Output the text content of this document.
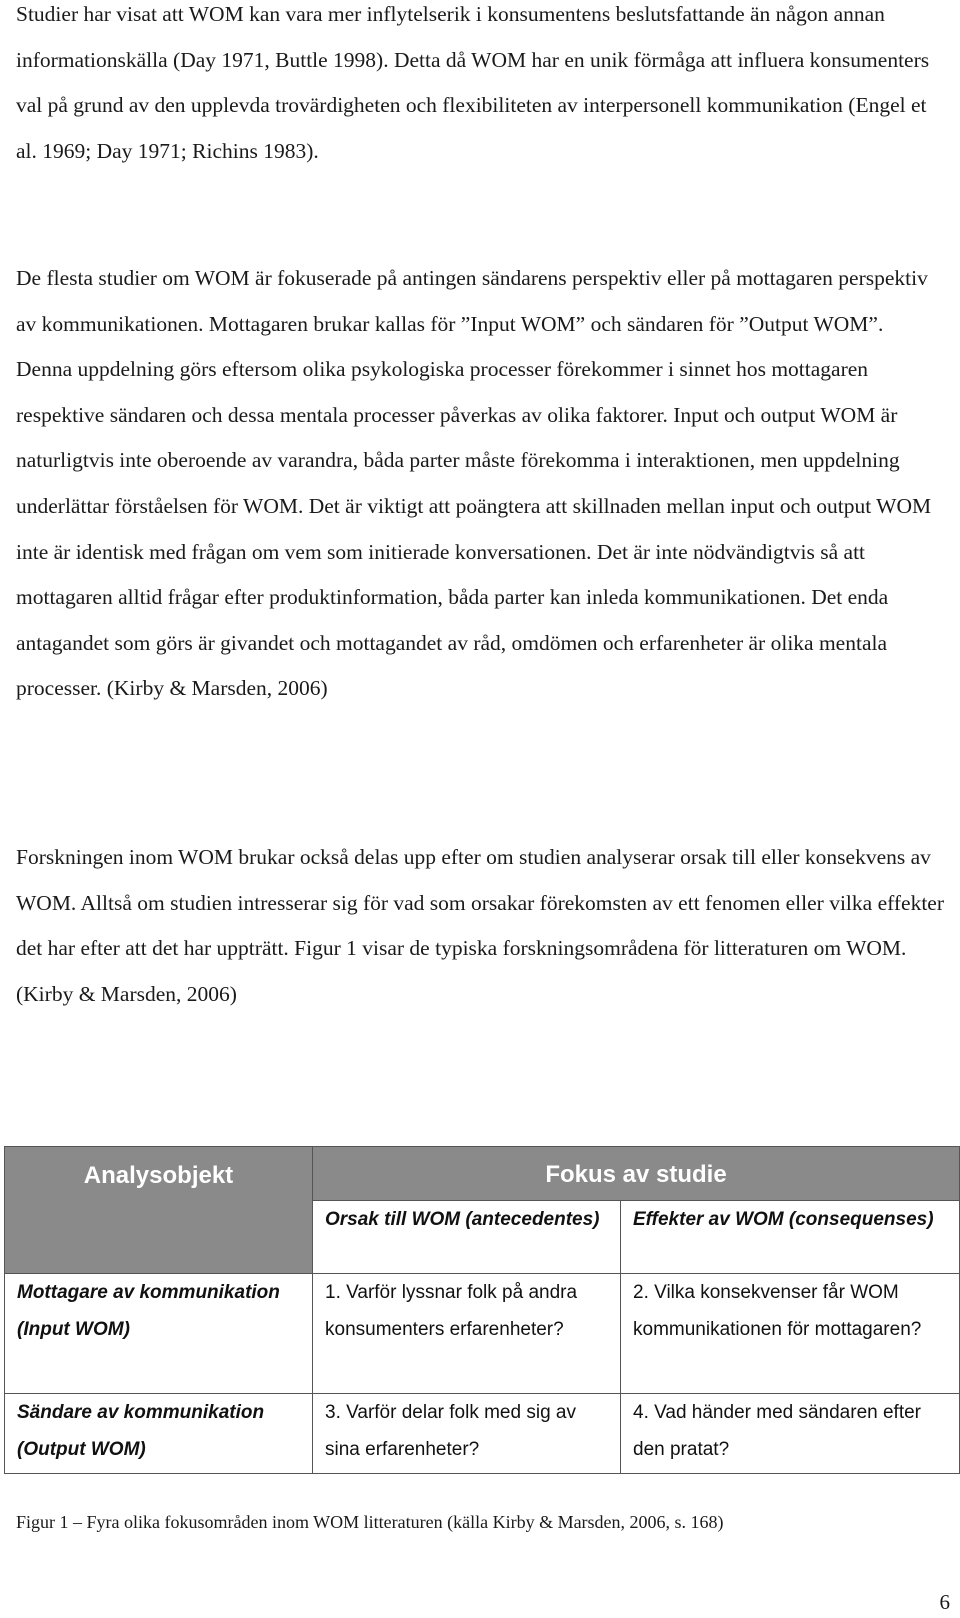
Studier har visat att WOM kan vara mer inflytelserik i konsumentens beslutsfattande än någon annan informationskälla (Day 1971, Buttle 1998). Detta då WOM har en unik förmåga att influera konsumenters val på grund av den upplevda trovärdigheten och flexibiliteten av interpersonell kommunikation (Engel et al. 1969; Day 1971; Richins 1983).

De flesta studier om WOM är fokuserade på antingen sändarens perspektiv eller på mottagaren perspektiv av kommunikationen. Mottagaren brukar kallas för ”Input WOM” och sändaren för ”Output WOM”. Denna uppdelning görs eftersom olika psykologiska processer förekommer i sinnet hos mottagaren respektive sändaren och dessa mentala processer påverkas av olika faktorer. Input och output WOM är naturligtvis inte oberoende av varandra, båda parter måste förekomma i interaktionen, men uppdelning underlättar förståelsen för WOM. Det är viktigt att poängtera att skillnaden mellan input och output WOM inte är identisk med frågan om vem som initierade konversationen. Det är inte nödvändigtvis så att mottagaren alltid frågar efter produktinformation, båda parter kan inleda kommunikationen. Det enda antagandet som görs är givandet och mottagandet av råd, omdömen och erfarenheter är olika mentala processer. (Kirby & Marsden, 2006)

Forskningen inom WOM brukar också delas upp efter om studien analyserar orsak till eller konsekvens av WOM. Alltså om studien intresserar sig för vad som orsakar förekomsten av ett fenomen eller vilka effekter det har efter att det har uppträtt. Figur 1 visar de typiska forskningsområdena för litteraturen om WOM. (Kirby & Marsden, 2006)

Analysobjekt	Fokus av studie	
	Orsak till WOM (antecedentes)	Effekter av WOM (consequenses)
Mottagare av kommunikation (Input WOM)	1. Varför lyssnar folk på andra konsumenters erfarenheter?	2. Vilka konsekvenser får WOM kommunikationen för mottagaren?
Sändare av kommunikation (Output WOM)	3. Varför delar folk med sig av sina erfarenheter?	4. Vad händer med sändaren efter den pratat?
Figur 1 – Fyra olika fokusområden inom WOM litteraturen (källa Kirby & Marsden, 2006, s. 168)
6
